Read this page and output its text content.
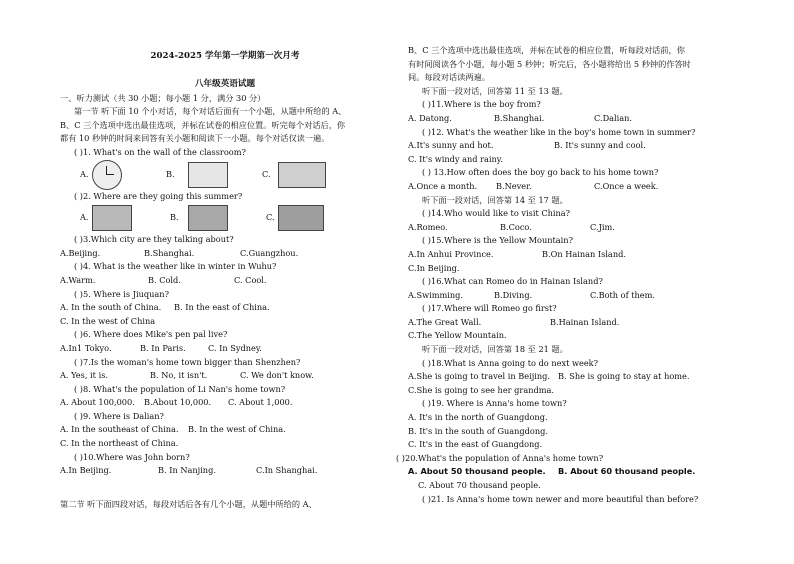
2024-2025 学年第一学期第一次月考
八年级英语试题
一、听力测试（共 30 小题；每小题 1 分，满分 30 分）
第一节 听下面 10 个小对话，每个对话后面有一个小题，从题中所给的 A、
B、C 三个选项中选出最佳选项，并标在试卷的相应位置。听完每个对话后，你
都有 10 秒钟的时间来回答有关小题和阅读下一小题。每个对话仅读一遍。
( )1. What's on the wall of the classroom?
A.	B.	C.
( )2. Where are they going this summer?
A.	B.	C.
( )3.Which city are they talking about?
A.Beijing.	B.Shanghai.	C.Guangzhou.
( )4. What is the weather like in winter in Wuhu?
A.Warm.	B. Cold.	C. Cool.
( )5. Where is Jiuquan?
A. In the south of China.	B. In the east of China.
C. In the west of China
( )6. Where does Mike's pen pal live?
A.In1 Tokyo.	B. In Paris.	C. In Sydney.
( )7.Is the woman's home town bigger than Shenzhen?
A. Yes, it is.	B. No, it isn't.	C. We don't know.
( )8. What's the population of Li Nan's home town?
A. About 100,000.	B.About 10,000.	C. About 1,000.
( )9. Where is Dalian?
A. In the southeast of China.	B. In the west of China.
C. In the northeast of China.
( )10.Where was John born?
A.In Beijing.	B. In Nanjing.	C.In Shanghai.
第二节 听下面四段对话，每段对话后各有几个小题，从题中所给的 A、
B、C 三个选项中选出最佳选项，并标在试卷的相应位置，听每段对话前，你
有时间阅读各个小题，每小题 5 秒钟；听完后，各小题将给出 5 秒钟的作答时
间。每段对话读两遍。
听下面一段对话，回答第 11 至 13 题。
( )11.Where is the boy from?
A. Datong.	B.Shanghai.	C.Dalian.
( )12. What's the weather like in the boy's home town in summer?
A.It's sunny and hot.	B. It's sunny and cool.
C. It's windy and rainy.
( ) 13.How often does the boy go back to his home town?
A.Once a month.	B.Never.	C.Once a week.
听下面一段对话，回答第 14 至 17 题。
( )14.Who would like to visit China?
A.Romeo.	B.Coco.	C.Jim.
( )15.Where is the Yellow Mountain?
A.In Anhui Province.	B.On Hainan Island.
C.In Beijing.
( )16.What can Romeo do in Hainan Island?
A.Swimming.	B.Diving.	C.Both of them.
( )17.Where will Romeo go first?
A.The Great Wall.	B.Hainan Island.
C.The Yellow Mountain.
听下面一段对话，回答第 18 至 21 题。
( )18.What is Anna going to do next week?
A.She is going to travel in Beijing. B. She is going to stay at home.
C.She is going to see her grandma.
( )19. Where is Anna's home town?
A. It's in the north of Guangdong.
B. It's in the south of Guangdong.
C. It's in the east of Guangdong.
( )20.What's the population of Anna's home town?
A. About 50 thousand people.	B. About 60 thousand people.
C. About 70 thousand people.
( )21. Is Anna's home town newer and more beautiful than before?
